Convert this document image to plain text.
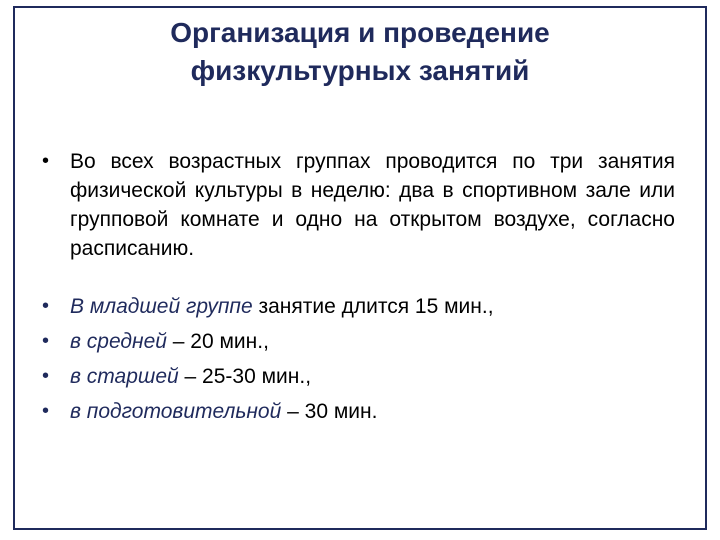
Организация и проведение
физкультурных занятий
• Во всех возрастных группах проводится по три занятия физической культуры в неделю: два в спортивном зале или групповой комнате и одно на открытом воздухе, согласно расписанию.
• В младшей группе занятие длится 15 мин.,
• в средней – 20 мин.,
• в старшей – 25-30 мин.,
• в подготовительной – 30 мин.
